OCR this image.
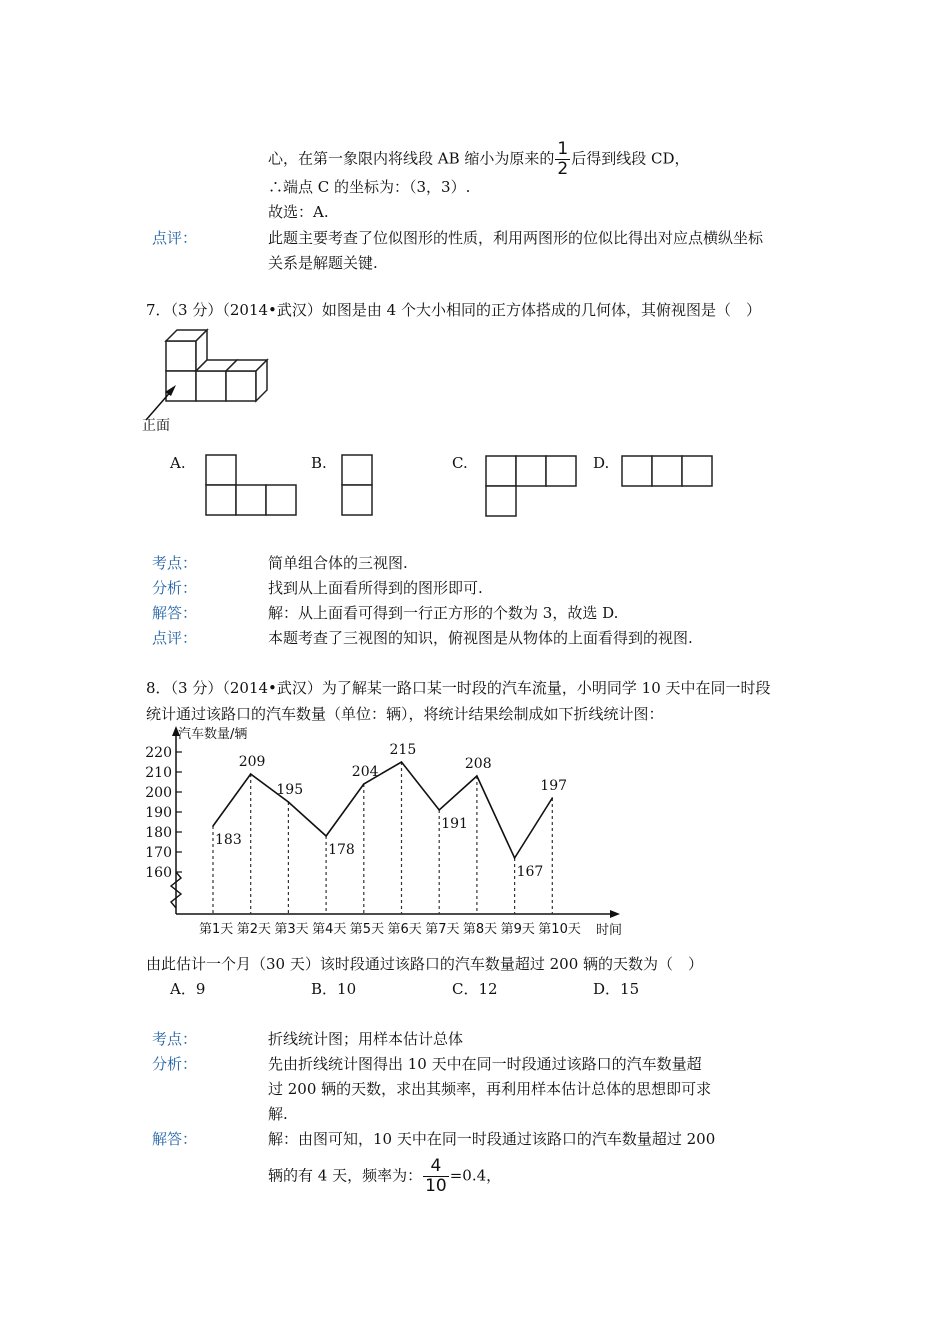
心，在第一象限内将线段 AB 缩小为原来的 $\frac{1}{2}$ 后得到线段 CD，
∴端点 C 的坐标为：（3，3）.
故选：A.
点评：	此题主要考查了位似图形的性质，利用两图形的位似比得出对应点横纵坐标
关系是解题关键.
7．（3 分）（2014•武汉）如图是由 4 个大小相同的正方体搭成的几何体，其俯视图是（　）
正面
A.	B.	C.	D.
考点：	简单组合体的三视图.
分析：	找到从上面看所得到的图形即可.
解答：	解：从上面看可得到一行正方形的个数为 3，故选 D.
点评：	本题考查了三视图的知识，俯视图是从物体的上面看得到的视图.
8．（3 分）（2014•武汉）为了解某一路口某一时段的汽车流量，小明同学 10 天中在同一时段
统计通过该路口的汽车数量（单位：辆），将统计结果绘制成如下折线统计图：
汽车数量/辆
时间
160
170
180
190
200
210
220
第1天 第2天 第3天 第4天 第5天 第6天 第7天 第8天 第9天 第10天
183
209
195
178
204
215
191
208
167
197
由此估计一个月（30 天）该时段通过该路口的汽车数量超过 200 辆的天数为（　）
A．9	B．10	C．12	D．15
考点：	折线统计图；用样本估计总体
分析：	先由折线统计图得出 10 天中在同一时段通过该路口的汽车数量超
过 200 辆的天数，求出其频率，再利用样本估计总体的思想即可求
解.
解答：	解：由图可知，10 天中在同一时段通过该路口的汽车数量超过 200
辆的有 4 天，频率为： $\frac{4}{10} =0.4$，
